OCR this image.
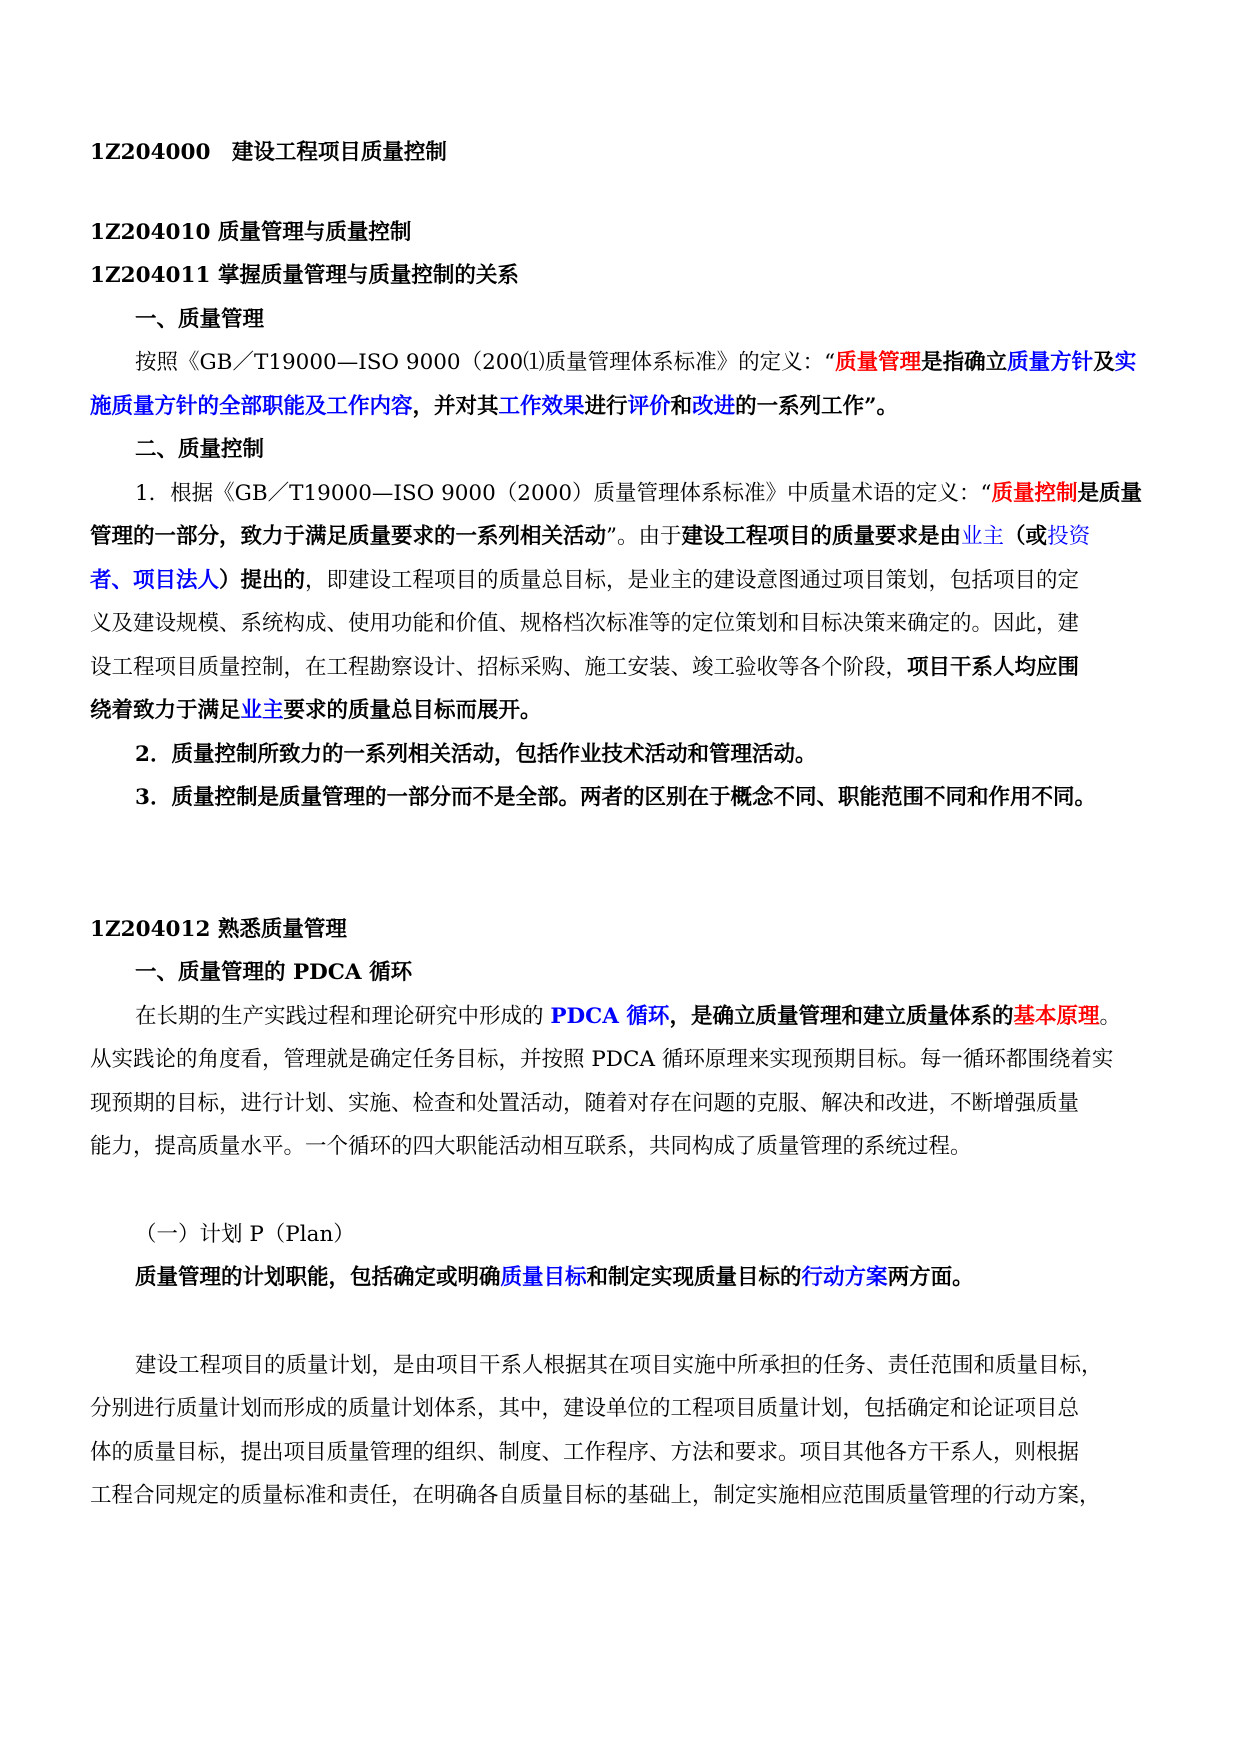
1Z204000　建设工程项目质量控制
1Z204010 质量管理与质量控制
1Z204011 掌握质量管理与质量控制的关系
一、质量管理
按照《GB／T19000—ISO 9000（200⑴质量管理体系标准》的定义：“质量管理是指确立质量方针及实
施质量方针的全部职能及工作内容，并对其工作效果进行评价和改进的一系列工作”。
二、质量控制
1．根据《GB／T19000—ISO 9000（2000）质量管理体系标准》中质量术语的定义：“质量控制是质量
管理的一部分，致力于满足质量要求的一系列相关活动”。由于建设工程项目的质量要求是由业主（或投资
者、项目法人）提出的，即建设工程项目的质量总目标，是业主的建设意图通过项目策划，包括项目的定
义及建设规模、系统构成、使用功能和价值、规格档次标准等的定位策划和目标决策来确定的。因此，建
设工程项目质量控制，在工程勘察设计、招标采购、施工安装、竣工验收等各个阶段，项目干系人均应围
绕着致力于满足业主要求的质量总目标而展开。
2．质量控制所致力的一系列相关活动，包括作业技术活动和管理活动。
3．质量控制是质量管理的一部分而不是全部。两者的区别在于概念不同、职能范围不同和作用不同。
1Z204012 熟悉质量管理
一、质量管理的 PDCA 循环
在长期的生产实践过程和理论研究中形成的 PDCA 循环，是确立质量管理和建立质量体系的基本原理。
从实践论的角度看，管理就是确定任务目标，并按照 PDCA 循环原理来实现预期目标。每一循环都围绕着实
现预期的目标，进行计划、实施、检查和处置活动，随着对存在问题的克服、解决和改进，不断增强质量
能力，提高质量水平。一个循环的四大职能活动相互联系，共同构成了质量管理的系统过程。
（一）计划 P（Plan）
质量管理的计划职能，包括确定或明确质量目标和制定实现质量目标的行动方案两方面。
建设工程项目的质量计划，是由项目干系人根据其在项目实施中所承担的任务、责任范围和质量目标，
分别进行质量计划而形成的质量计划体系，其中，建设单位的工程项目质量计划，包括确定和论证项目总
体的质量目标，提出项目质量管理的组织、制度、工作程序、方法和要求。项目其他各方干系人，则根据
工程合同规定的质量标准和责任，在明确各自质量目标的基础上，制定实施相应范围质量管理的行动方案，
